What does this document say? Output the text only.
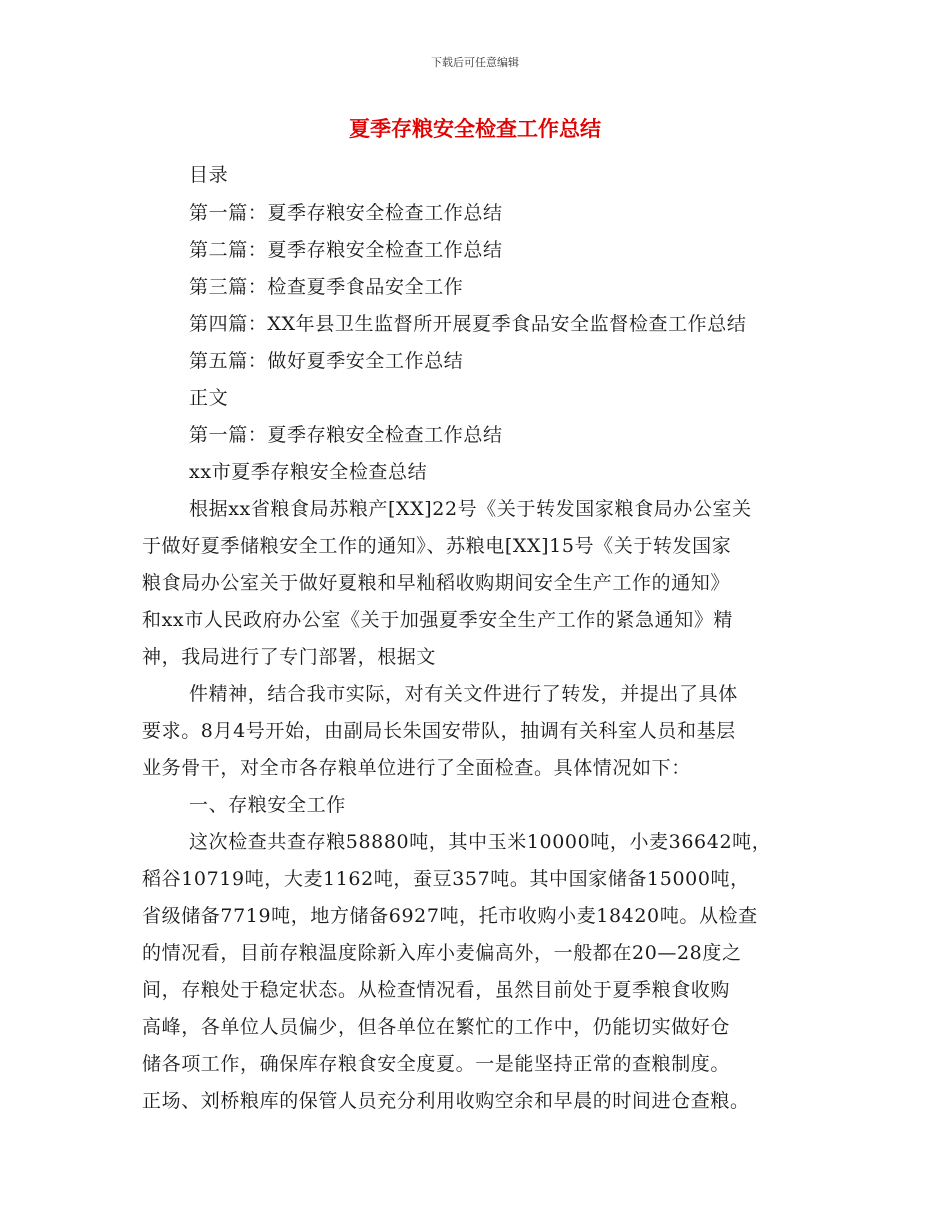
下载后可任意编辑
夏季存粮安全检查工作总结
目录
第一篇：夏季存粮安全检查工作总结
第二篇：夏季存粮安全检查工作总结
第三篇：检查夏季食品安全工作
第四篇：XX年县卫生监督所开展夏季食品安全监督检查工作总结
第五篇：做好夏季安全工作总结
正文
第一篇：夏季存粮安全检查工作总结
xx市夏季存粮安全检查总结
根据xx省粮食局苏粮产[XX]22号《关于转发国家粮食局办公室关
于做好夏季储粮安全工作的通知》、苏粮电[XX]15号《关于转发国家
粮食局办公室关于做好夏粮和早籼稻收购期间安全生产工作的通知》
和xx市人民政府办公室《关于加强夏季安全生产工作的紧急通知》精
神，我局进行了专门部署，根据文
件精神，结合我市实际，对有关文件进行了转发，并提出了具体
要求。8月4号开始，由副局长朱国安带队，抽调有关科室人员和基层
业务骨干，对全市各存粮单位进行了全面检查。具体情况如下：
一、存粮安全工作
这次检查共查存粮58880吨，其中玉米10000吨，小麦36642吨，
稻谷10719吨，大麦1162吨，蚕豆357吨。其中国家储备15000吨，
省级储备7719吨，地方储备6927吨，托市收购小麦18420吨。从检查
的情况看，目前存粮温度除新入库小麦偏高外，一般都在20—28度之
间，存粮处于稳定状态。从检查情况看，虽然目前处于夏季粮食收购
高峰，各单位人员偏少，但各单位在繁忙的工作中，仍能切实做好仓
储各项工作，确保库存粮食安全度夏。一是能坚持正常的查粮制度。
正场、刘桥粮库的保管人员充分利用收购空余和早晨的时间进仓查粮。
